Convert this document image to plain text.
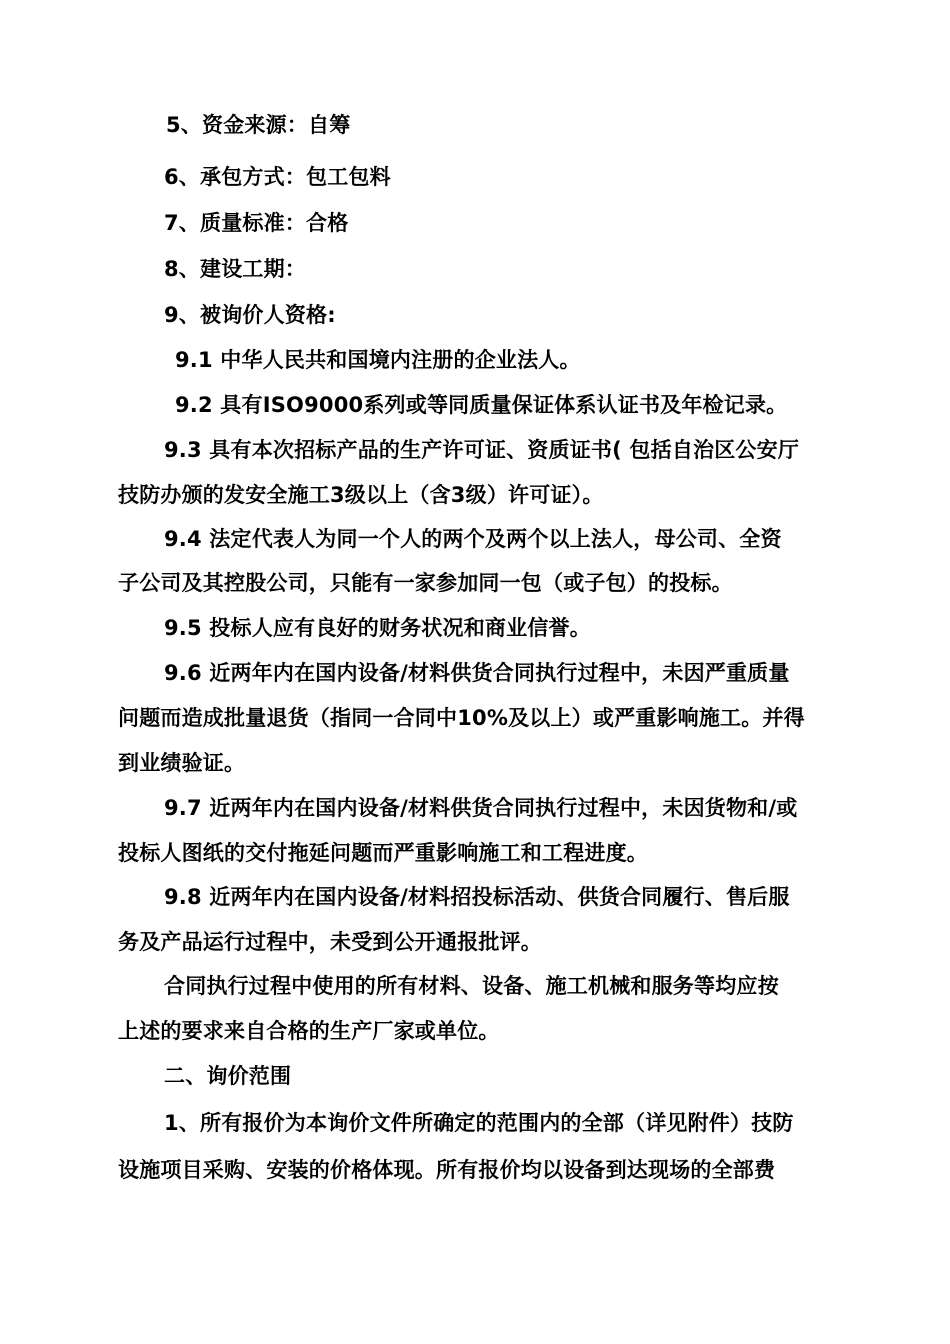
5、资金来源：自筹
6、承包方式：包工包料
7、质量标准：合格
8、建设工期：
9、被询价人资格:
9.1 中华人民共和国境内注册的企业法人。
9.2 具有ISO9000系列或等同质量保证体系认证书及年检记录。
9.3 具有本次招标产品的生产许可证、资质证书( 包括自治区公安厅
技防办颁的发安全施工3级以上（含3级）许可证）。
9.4 法定代表人为同一个人的两个及两个以上法人，母公司、全资
子公司及其控股公司，只能有一家参加同一包（或子包）的投标。
9.5 投标人应有良好的财务状况和商业信誉。
9.6 近两年内在国内设备/材料供货合同执行过程中，未因严重质量
问题而造成批量退货（指同一合同中10%及以上）或严重影响施工。并得
到业绩验证。
9.7 近两年内在国内设备/材料供货合同执行过程中，未因货物和/或
投标人图纸的交付拖延问题而严重影响施工和工程进度。
9.8 近两年内在国内设备/材料招投标活动、供货合同履行、售后服
务及产品运行过程中，未受到公开通报批评。
合同执行过程中使用的所有材料、设备、施工机械和服务等均应按
上述的要求来自合格的生产厂家或单位。
二、询价范围
1、所有报价为本询价文件所确定的范围内的全部（详见附件）技防
设施项目采购、安装的价格体现。所有报价均以设备到达现场的全部费
